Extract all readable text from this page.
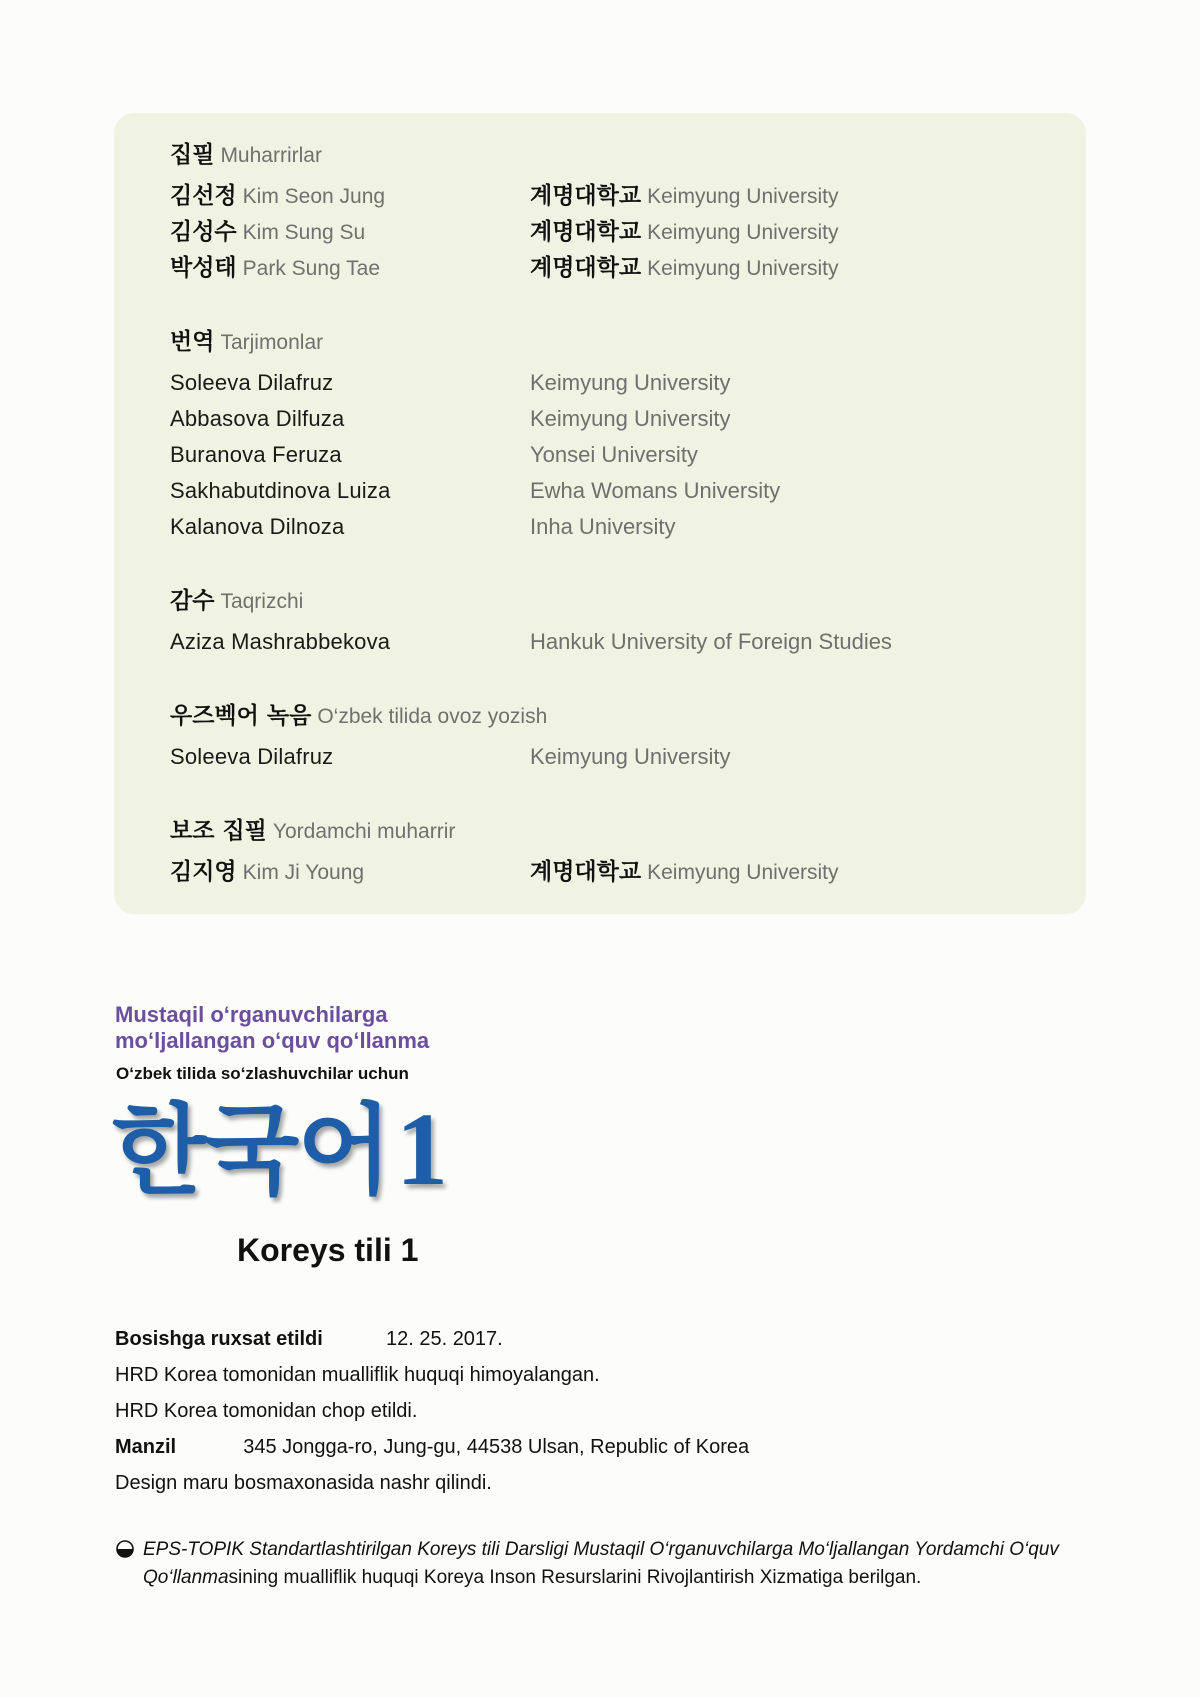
집필 Muharrirlar
김선정 Kim Seon Jung	계명대학교 Keimyung University
김성수 Kim Sung Su	계명대학교 Keimyung University
박성태 Park Sung Tae	계명대학교 Keimyung University
번역 Tarjimonlar
Soleeva Dilafruz	Keimyung University
Abbasova Dilfuza	Keimyung University
Buranova Feruza	Yonsei University
Sakhabutdinova Luiza	Ewha Womans University
Kalanova Dilnoza	Inha University
감수 Taqrizchi
Aziza Mashrabbekova	Hankuk University of Foreign Studies
우즈벡어 녹음 O‘zbek tilida ovoz yozish
Soleeva Dilafruz	Keimyung University
보조 집필 Yordamchi muharrir
김지영 Kim Ji Young	계명대학교 Keimyung University
Mustaqil o‘rganuvchilarga
mo‘ljallangan o‘quv qo‘llanma
O‘zbek tilida so‘zlashuvchilar uchun
한국어1
Koreys tili 1
Bosishga ruxsat etildi	12. 25. 2017.
HRD Korea tomonidan mualliflik huquqi himoyalangan.
HRD Korea tomonidan chop etildi.
Manzil	345 Jongga-ro, Jung-gu, 44538 Ulsan, Republic of Korea
Design maru bosmaxonasida nashr qilindi.
EPS-TOPIK Standartlashtirilgan Koreys tili Darsligi Mustaqil O‘rganuvchilarga Mo‘ljallangan Yordamchi O‘quv Qo‘llanmasining mualliflik huquqi Koreya Inson Resurslarini Rivojlantirish Xizmatiga berilgan.
